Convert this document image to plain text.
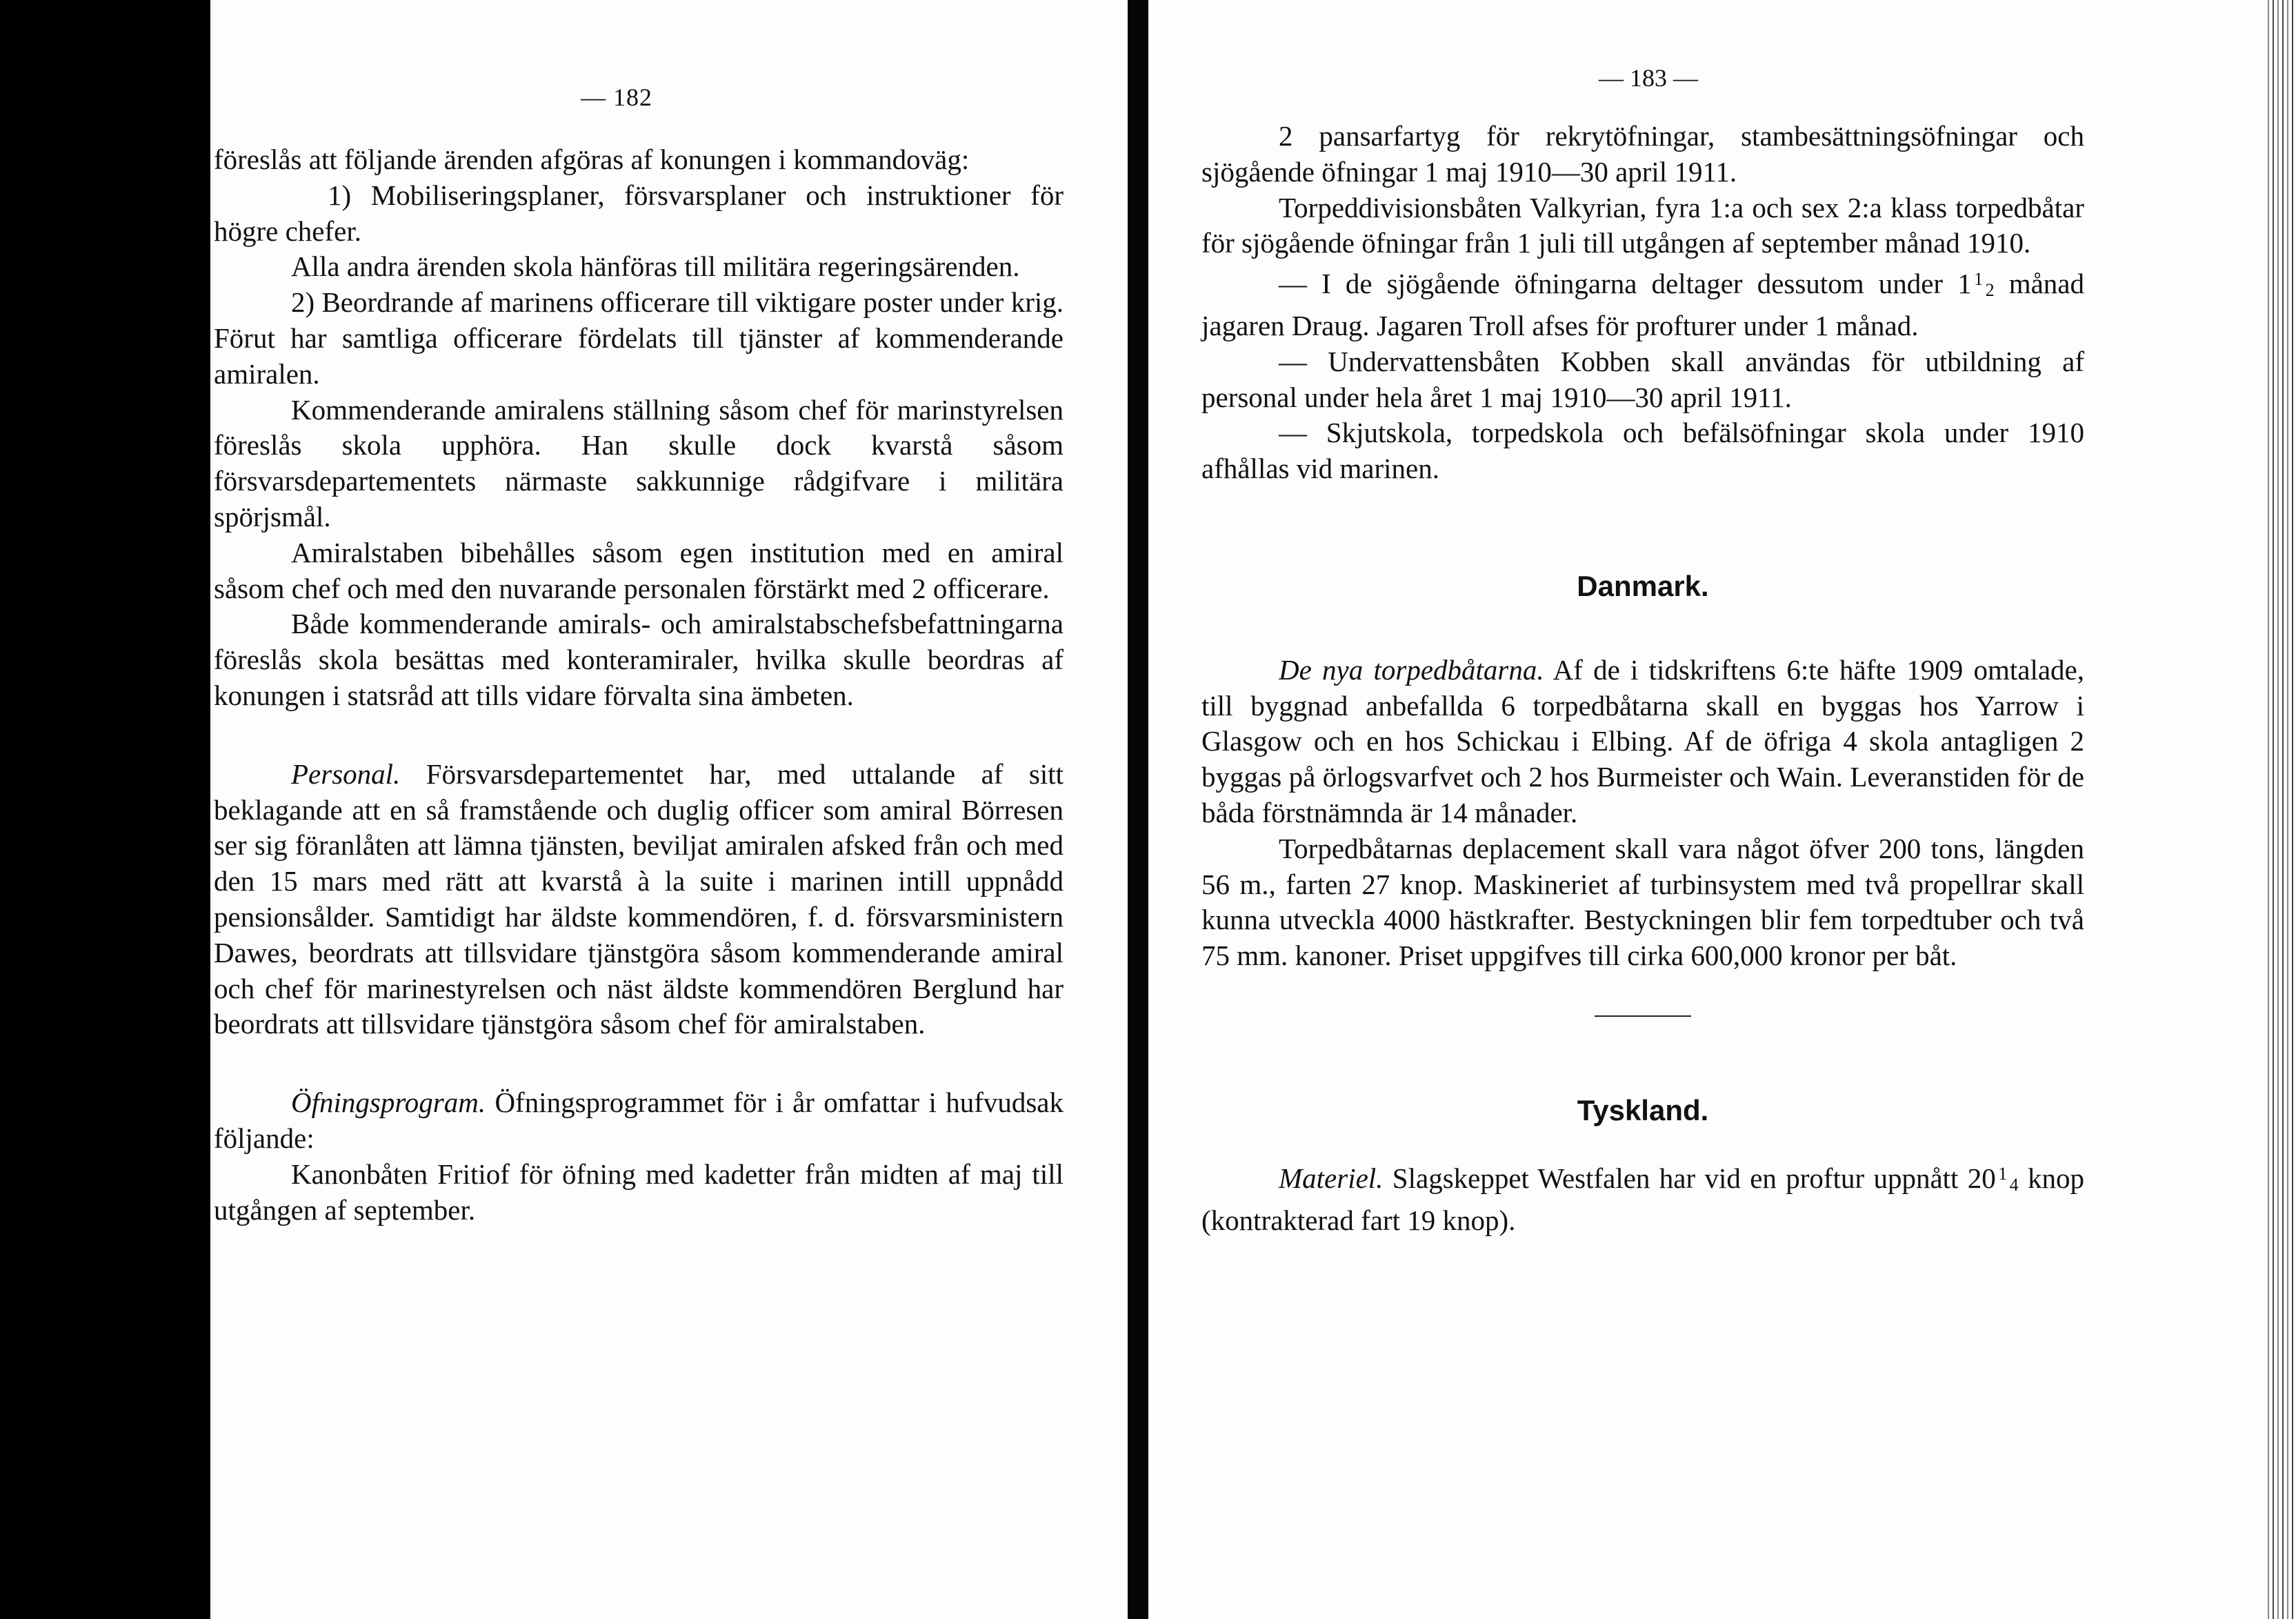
— 182

föreslås att följande ärenden afgöras af konungen i kommandoväg:

1) Mobiliseringsplaner, försvarsplaner och instruktioner för högre chefer.

Alla andra ärenden skola hänföras till militära regeringsärenden.

2) Beordrande af marinens officerare till viktigare poster under krig. Förut har samtliga officerare fördelats till tjänster af kommenderande amiralen.

Kommenderande amiralens ställning såsom chef för marinstyrelsen föreslås skola upphöra. Han skulle dock kvarstå såsom försvarsdepartementets närmaste sakkunnige rådgifvare i militära spörjsmål.

Amiralstaben bibehålles såsom egen institution med en amiral såsom chef och med den nuvarande personalen förstärkt med 2 officerare.

Både kommenderande amirals- och amiralstabschefsbefattningarna föreslås skola besättas med konteramiraler, hvilka skulle beordras af konungen i statsråd att tills vidare förvalta sina ämbeten.

Personal. Försvarsdepartementet har, med uttalande af sitt beklagande att en så framstående och duglig officer som amiral Börresen ser sig föranlåten att lämna tjänsten, beviljat amiralen afsked från och med den 15 mars med rätt att kvarstå à la suite i marinen intill uppnådd pensionsålder. Samtidigt har äldste kommendören, f. d. försvarsministern Dawes, beordrats att tillsvidare tjänstgöra såsom kommenderande amiral och chef för marinestyrelsen och näst äldste kommendören Berglund har beordrats att tillsvidare tjänstgöra såsom chef för amiralstaben.

Öfningsprogram. Öfningsprogrammet för i år omfattar i hufvudsak följande:

Kanonbåten Fritiof för öfning med kadetter från midten af maj till utgången af september.

— 183 —

2 pansarfartyg för rekrytöfningar, stambesättningsöfningar och sjögående öfningar 1 maj 1910—30 april 1911.

Torpeddivisionsbåten Valkyrian, fyra 1:a och sex 2:a klass torpedbåtar för sjögående öfningar från 1 juli till utgången af september månad 1910.

— I de sjögående öfningarna deltager dessutom under 1  $^1$ $_2$ månad jagaren Draug. Jagaren Troll afses för profturer under 1 månad.

— Undervattensbåten Kobben skall användas för utbildning af personal under hela året 1 maj 1910—30 april 1911.

— Skjutskola, torpedskola och befälsöfningar skola under 1910 afhållas vid marinen.

Danmark.

De nya torpedbåtarna. Af de i tidskriftens 6:te häfte 1909 omtalade, till byggnad anbefallda 6 torpedbåtarna skall en byggas hos Yarrow i Glasgow och en hos Schickau i Elbing. Af de öfriga 4 skola antagligen 2 byggas på örlogsvarfvet och 2 hos Burmeister och Wain. Leveranstiden för de båda förstnämnda är 14 månader.

Torpedbåtarnas deplacement skall vara något öfver 200 tons, längden 56 m., farten 27 knop. Maskineriet af turbinsystem med två propellrar skall kunna utveckla 4000 hästkrafter. Bestyckningen blir fem torpedtuber och två 75 mm. kanoner. Priset uppgifves till cirka 600,000 kronor per båt.

Tyskland.

Materiel. Slagskeppet Westfalen har vid en proftur uppnått 20  $^1$ $_4$ knop (kontrakterad fart 19 knop).
